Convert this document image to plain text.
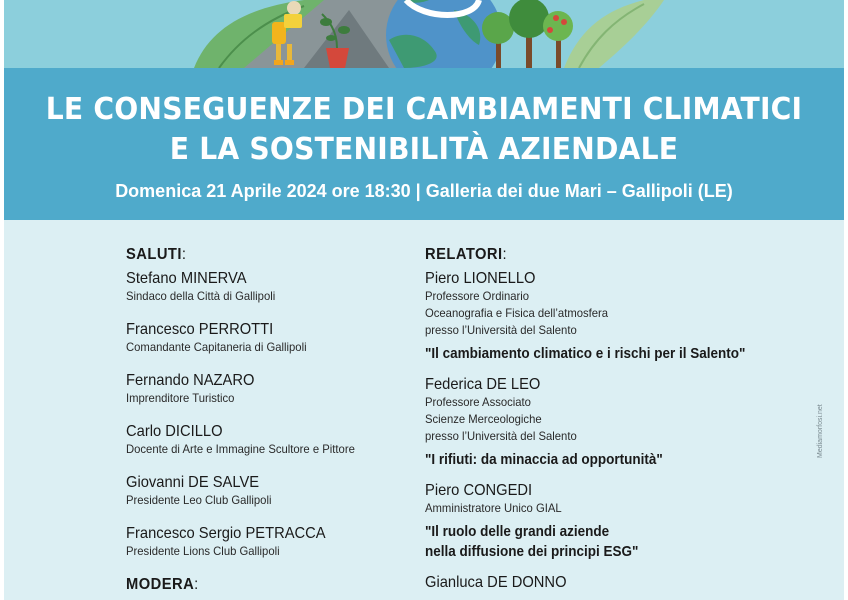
LE CONSEGUENZE DEI CAMBIAMENTI CLIMATICI
E LA SOSTENIBILITÀ AZIENDALE
Domenica 21 Aprile 2024 ore 18:30 | Galleria dei due Mari – Gallipoli (LE)
SALUTI:
Stefano MINERVA
Sindaco della Città di Gallipoli
Francesco PERROTTI
Comandante Capitaneria di Gallipoli
Fernando NAZARO
Imprenditore Turistico
Carlo DICILLO
Docente di Arte e Immagine Scultore e Pittore
Giovanni DE SALVE
Presidente Leo Club Gallipoli
Francesco Sergio PETRACCA
Presidente Lions Club Gallipoli
MODERA:
RELATORI:
Piero LIONELLO
Professore Ordinario
Oceanografia e Fisica dell’atmosfera
presso l’Università del Salento
"Il cambiamento climatico e i rischi per il Salento"
Federica DE LEO
Professore Associato
Scienze Merceologiche
presso l’Università del Salento
"I rifiuti: da minaccia ad opportunità"
Piero CONGEDI
Amministratore Unico GIAL
"Il ruolo delle grandi aziende
nella diffusione dei principi ESG"
Gianluca DE DONNO
Mediamorfosi.net
